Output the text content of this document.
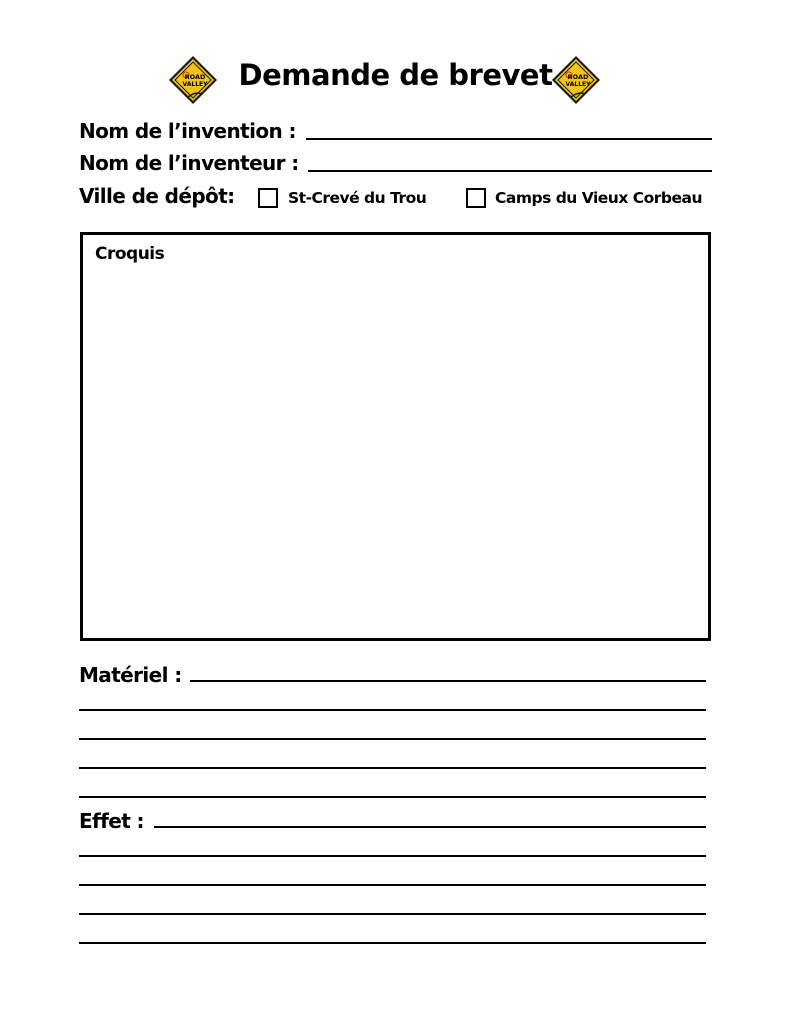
ROAD
VALLEY	Demande de brevet	ROAD
VALLEY
Nom de l’invention :
Nom de l’inventeur :
Ville de dépôt:	St-Crevé du Trou	Camps du Vieux Corbeau
Croquis
Matériel :
Effet :
